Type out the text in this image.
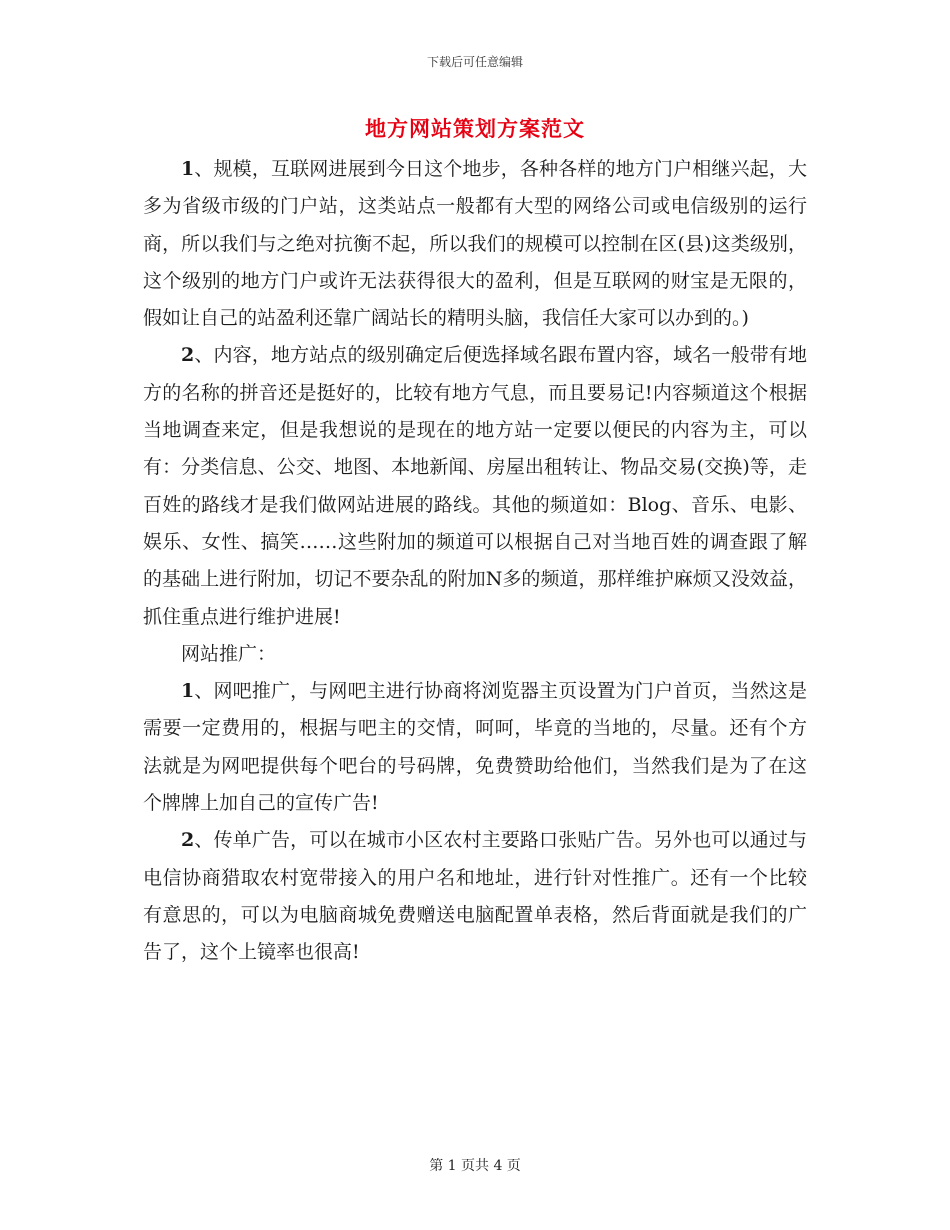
下载后可任意编辑
地方网站策划方案范文

1、规模，互联网进展到今日这个地步，各种各样的地方门户相继兴起，大多为省级市级的门户站，这类站点一般都有大型的网络公司或电信级别的运行商，所以我们与之绝对抗衡不起，所以我们的规模可以控制在区(县)这类级别，这个级别的地方门户或许无法获得很大的盈利，但是互联网的财宝是无限的，假如让自己的站盈利还靠广阔站长的精明头脑，我信任大家可以办到的。)

2、内容，地方站点的级别确定后便选择域名跟布置内容，域名一般带有地方的名称的拼音还是挺好的，比较有地方气息，而且要易记!内容频道这个根据当地调查来定，但是我想说的是现在的地方站一定要以便民的内容为主，可以有：分类信息、公交、地图、本地新闻、房屋出租转让、物品交易(交换)等，走百姓的路线才是我们做网站进展的路线。其他的频道如：Blog、音乐、电影、娱乐、女性、搞笑……这些附加的频道可以根据自己对当地百姓的调查跟了解的基础上进行附加，切记不要杂乱的附加N多的频道，那样维护麻烦又没效益，抓住重点进行维护进展!

网站推广：

1、网吧推广，与网吧主进行协商将浏览器主页设置为门户首页，当然这是需要一定费用的，根据与吧主的交情，呵呵，毕竟的当地的，尽量。还有个方法就是为网吧提供每个吧台的号码牌，免费赞助给他们，当然我们是为了在这个牌牌上加自己的宣传广告!

2、传单广告，可以在城市小区农村主要路口张贴广告。另外也可以通过与电信协商猎取农村宽带接入的用户名和地址，进行针对性推广。还有一个比较有意思的，可以为电脑商城免费赠送电脑配置单表格，然后背面就是我们的广告了，这个上镜率也很高!

第 1 页共 4 页
